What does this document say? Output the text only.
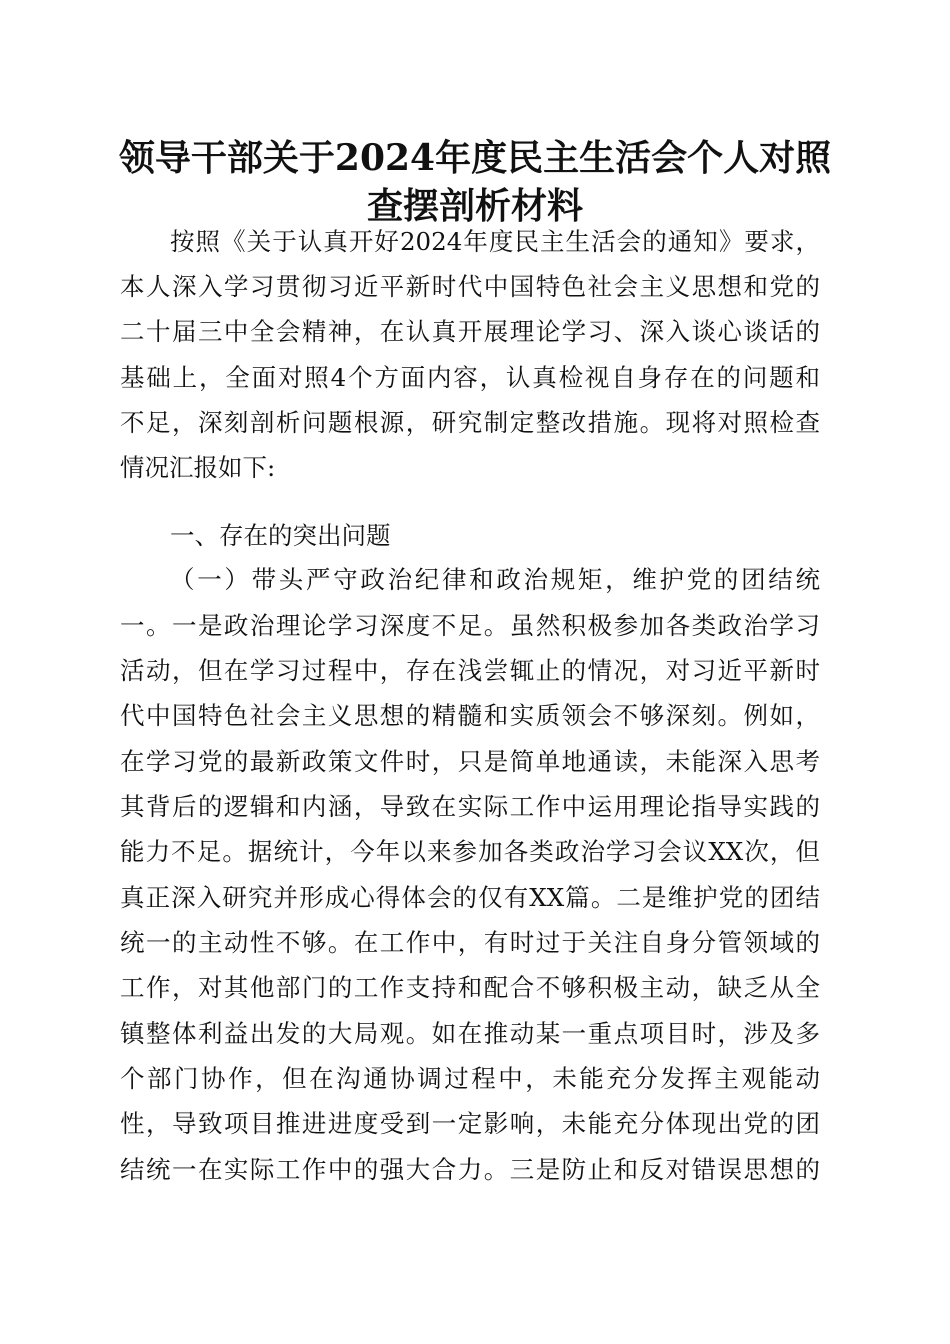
领导干部关于2024年度民主生活会个人对照
查摆剖析材料
按照《关于认真开好2024年度民主生活会的通知》要求，
本人深入学习贯彻习近平新时代中国特色社会主义思想和党的
二十届三中全会精神，在认真开展理论学习、深入谈心谈话的
基础上，全面对照4个方面内容，认真检视自身存在的问题和
不足，深刻剖析问题根源，研究制定整改措施。现将对照检查
情况汇报如下:
一、存在的突出问题
（一）带头严守政治纪律和政治规矩，维护党的团结统
一。一是政治理论学习深度不足。虽然积极参加各类政治学习
活动，但在学习过程中，存在浅尝辄止的情况，对习近平新时
代中国特色社会主义思想的精髓和实质领会不够深刻。例如，
在学习党的最新政策文件时，只是简单地通读，未能深入思考
其背后的逻辑和内涵，导致在实际工作中运用理论指导实践的
能力不足。据统计，今年以来参加各类政治学习会议XX次，但
真正深入研究并形成心得体会的仅有XX篇。二是维护党的团结
统一的主动性不够。在工作中，有时过于关注自身分管领域的
工作，对其他部门的工作支持和配合不够积极主动，缺乏从全
镇整体利益出发的大局观。如在推动某一重点项目时，涉及多
个部门协作，但在沟通协调过程中，未能充分发挥主观能动
性，导致项目推进进度受到一定影响，未能充分体现出党的团
结统一在实际工作中的强大合力。三是防止和反对错误思想的
